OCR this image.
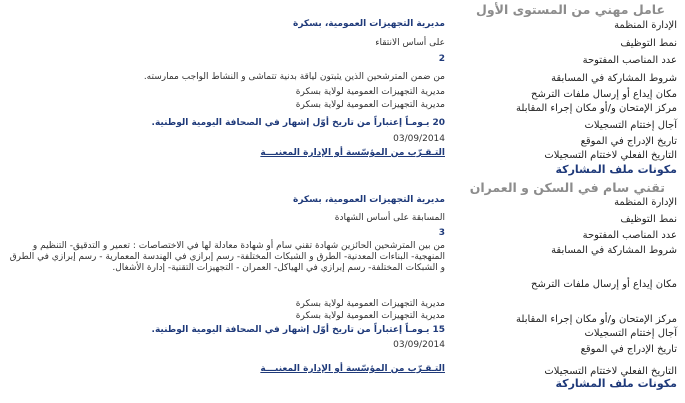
عامل مهني من المستوى الأول
الإدارة المنظمة
مديرية التجهيزات العمومية، بسكرة
نمط التوظيف
على أساس الانتقاء
عدد المناصب المفتوحة
2
شروط المشاركة في المسابقة
من ضمن المترشحين الذين يثبتون لياقة بدنية تتماشى و النشاط الواجب ممارسته.
مكان إيداع أو إرسال ملفات الترشح
مديرية التجهيزات العمومية لولاية بسكرة
مركز الإمتحان و/أو مكان إجراء المقابلة
مديرية التجهيزات العمومية لولاية بسكرة
آجال إختتام التسجيلات
20 يـومـاً إعتباراً من تاريخ أوّل إشهار في الصحافة اليومية الوطنية.
تاريخ الإدراج في الموقع
03/09/2014
التاريخ الفعلي لاختتام التسجيلات
التـقـرّب من المؤسّسة أو الإدارة المعنيـــة
مكونات ملف المشاركة
تقني سام في السكن و العمران
الإدارة المنظمة
مديرية التجهيزات العمومية، بسكرة
نمط التوظيف
المسابقة على أساس الشهادة
عدد المناصب المفتوحة
3
شروط المشاركة في المسابقة
من بين المترشحين الحائزين شهادة تقني سام أو شهادة معادلة لها في الاختصاصات : تعمير و التدقيق- التنظيم و المنهجية- البناءات المعدنية- الطرق و الشبكات المختلفة- رسم إبرازي في الهندسة المعمارية - رسم إبرازي في الطرق و الشبكات المختلفة- رسم إبرازي في الهياكل- العمران - التجهيزات التقنية- إدارة الأشغال.
مكان إيداع أو إرسال ملفات الترشح
مركز الإمتحان و/أو مكان إجراء المقابلة
مديرية التجهيزات العمومية لولاية بسكرة
مديرية التجهيزات العمومية لولاية بسكرة
آجال إختتام التسجيلات
15 يـومـاً إعتباراً من تاريخ أوّل إشهار في الصحافة اليومية الوطنية.
تاريخ الإدراج في الموقع
03/09/2014
التاريخ الفعلي لاختتام التسجيلات
التـقـرّب من المؤسّسة أو الإدارة المعنيـــة
مكونات ملف المشاركة
